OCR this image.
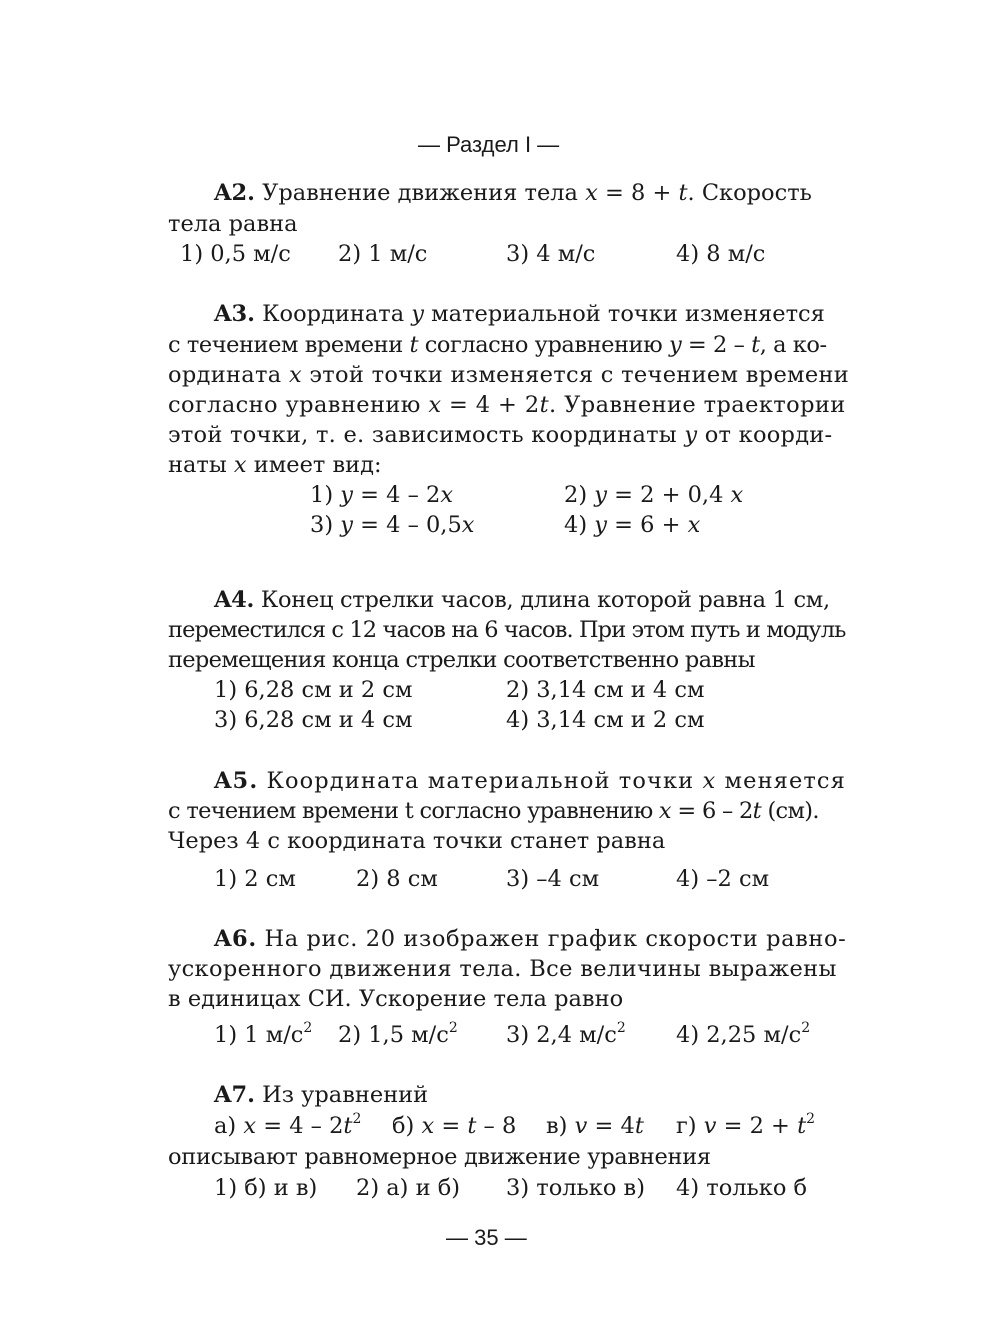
— Раздел I —
A2. Уравнение движения тела x = 8 + t. Скорость
тела равна
1) 0,5 м/с 2) 1 м/с	3) 4 м/с	4) 8 м/с
A3. Координата y материальной точки изменяется
с течением времени t согласно уравнению y = 2 – t, а ко-
ордината x этой точки изменяется с течением времени
согласно уравнению x = 4 + 2t. Уравнение траектории
этой точки, т. е. зависимость координаты y от коорди-
наты x имеет вид:
1) y = 4 – 2x	2) y = 2 + 0,4 x
3) y = 4 – 0,5x	4) y = 6 + x
A4. Конец стрелки часов, длина которой равна 1 см,
переместился с 12 часов на 6 часов. При этом путь и модуль
перемещения конца стрелки соответственно равны
1) 6,28 см и 2 см	2) 3,14 см и 4 см
3) 6,28 см и 4 см	4) 3,14 см и 2 см
A5. Координата материальной точки x меняется
с течением времени t согласно уравнению x = 6 – 2t (см).
Через 4 с координата точки станет равна
1) 2 см	2) 8 см	3) –4 см	4) –2 см
A6. На рис. 20 изображен график скорости равно-
ускоренного движения тела. Все величины выражены
в единицах СИ. Ускорение тела равно
1) 1 $м/с^2$ 2) 1,5 $м/с^2$ 3) 2,4 $м/с^2$ 4) 2,25 $м/с^2$
A7. Из уравнений
а) $x = 4 - 2t^2$ б) x = t – 8 в) v = 4t г) $v = 2 + t^2$
описывают равномерное движение уравнения
1) б) и в) 2) а) и б) 3) только в) 4) только б
— 35 —
